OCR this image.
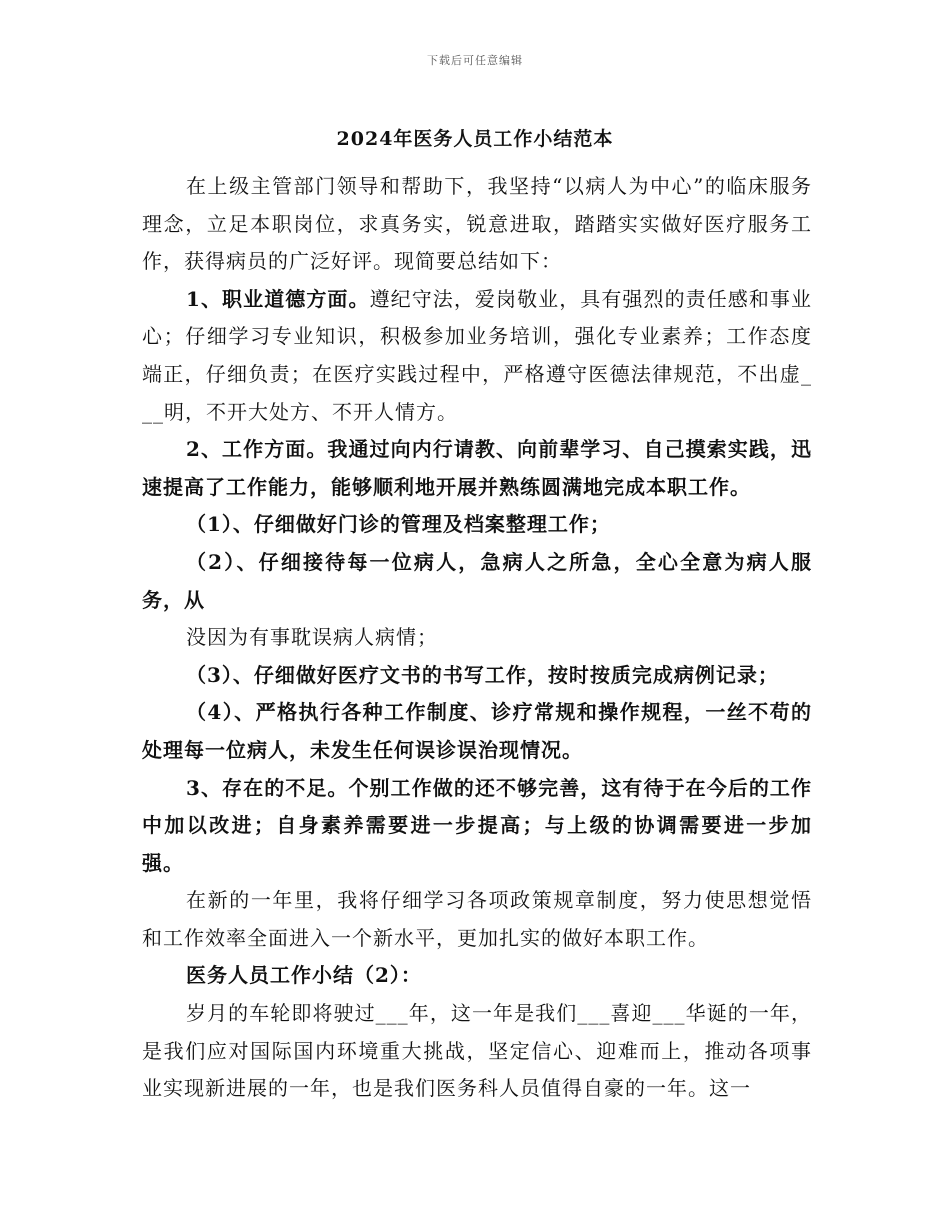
下载后可任意编辑
2024年医务人员工作小结范本

在上级主管部门领导和帮助下，我坚持“以病人为中心”的临床服务理念，立足本职岗位，求真务实，锐意进取，踏踏实实做好医疗服务工作，获得病员的广泛好评。现简要总结如下：

1、职业道德方面。遵纪守法，爱岗敬业，具有强烈的责任感和事业心；仔细学习专业知识，积极参加业务培训，强化专业素养；工作态度端正，仔细负责；在医疗实践过程中，严格遵守医德法律规范，不出虚___明，不开大处方、不开人情方。

2、工作方面。我通过向内行请教、向前辈学习、自己摸索实践，迅速提高了工作能力，能够顺利地开展并熟练圆满地完成本职工作。

（1）、仔细做好门诊的管理及档案整理工作；

（2）、仔细接待每一位病人，急病人之所急，全心全意为病人服务，从

没因为有事耽误病人病情；

（3）、仔细做好医疗文书的书写工作，按时按质完成病例记录；

（4）、严格执行各种工作制度、诊疗常规和操作规程，一丝不苟的处理每一位病人，未发生任何误诊误治现情况。

3、存在的不足。个别工作做的还不够完善，这有待于在今后的工作中加以改进；自身素养需要进一步提高；与上级的协调需要进一步加强。

在新的一年里，我将仔细学习各项政策规章制度，努力使思想觉悟和工作效率全面进入一个新水平，更加扎实的做好本职工作。

医务人员工作小结（2）：

岁月的车轮即将驶过___年，这一年是我们___喜迎___华诞的一年，是我们应对国际国内环境重大挑战，坚定信心、迎难而上，推动各项事业实现新进展的一年，也是我们医务科人员值得自豪的一年。这一
